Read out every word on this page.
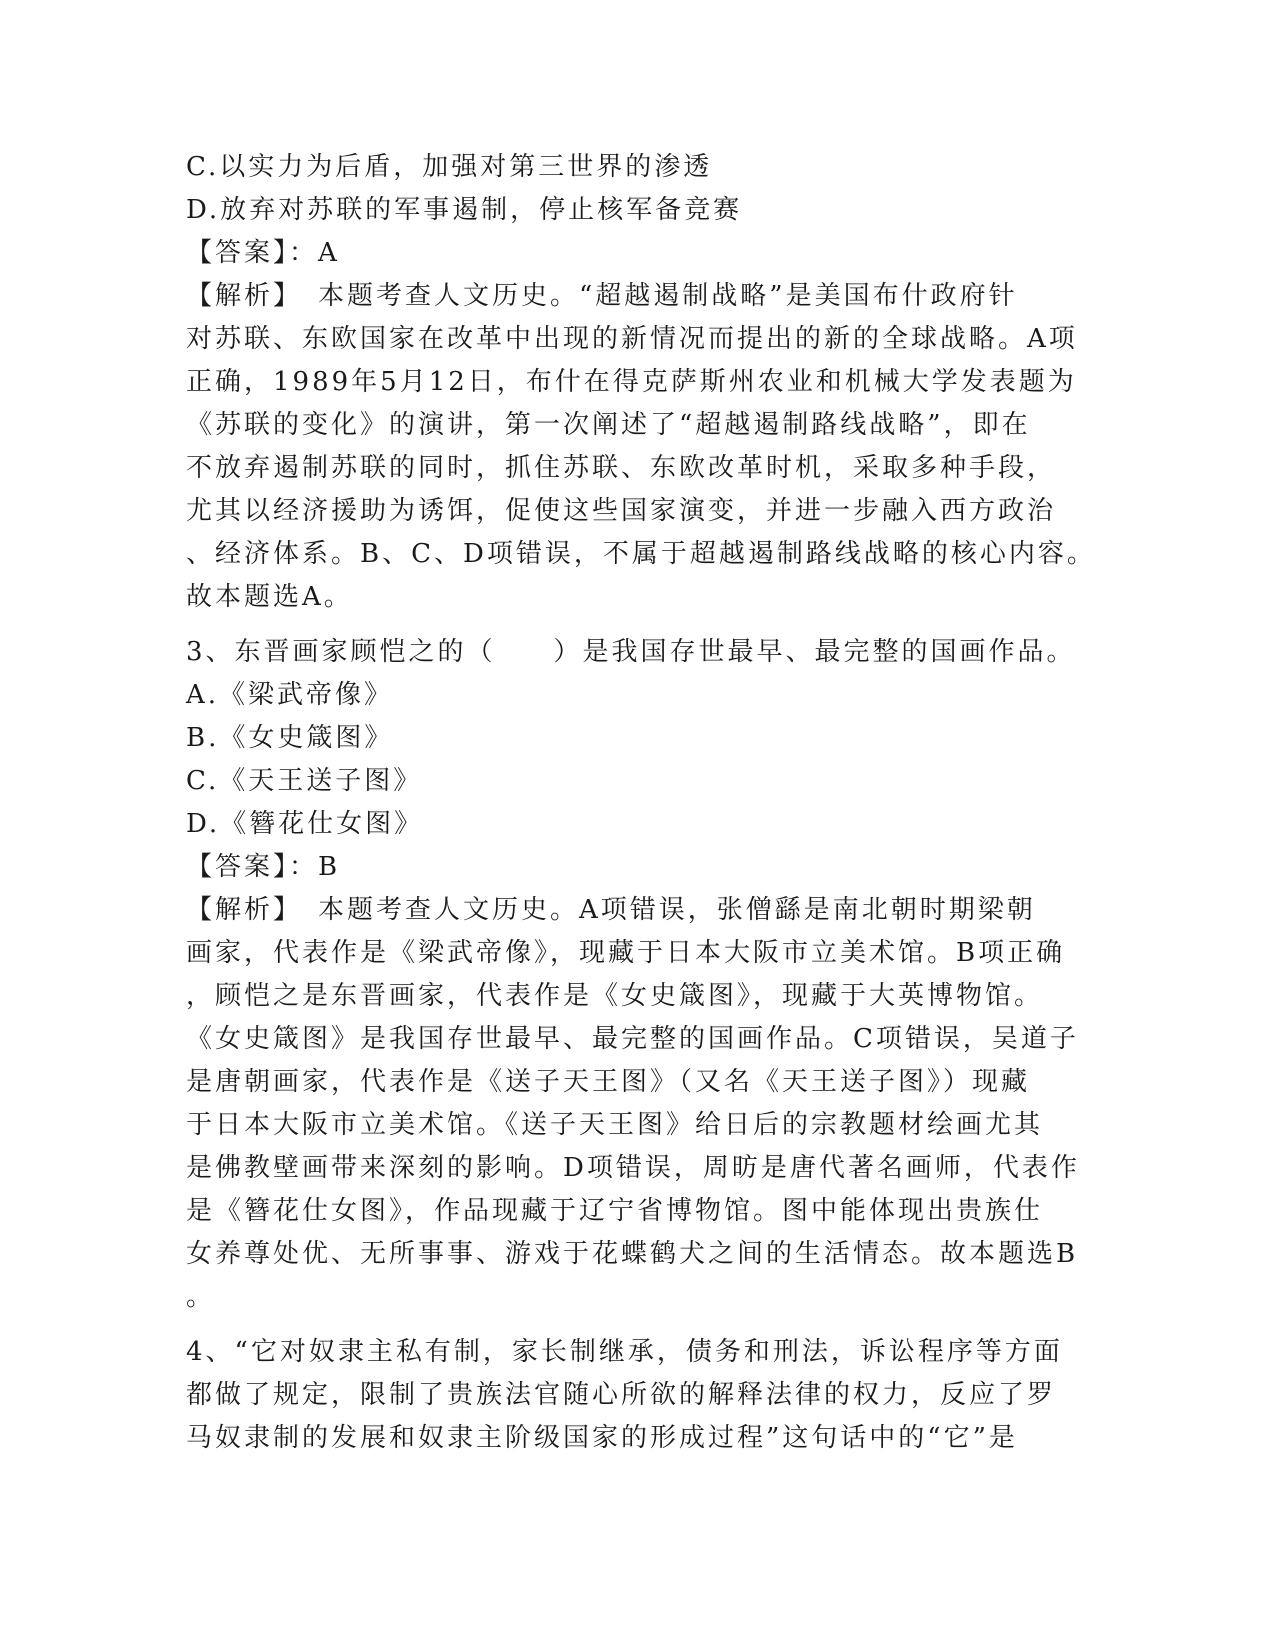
C.以实力为后盾，加强对第三世界的渗透
D.放弃对苏联的军事遏制，停止核军备竞赛
【答案】：A
【解析】　本题考查人文历史。“超越遏制战略”是美国布什政府针
对苏联、东欧国家在改革中出现的新情况而提出的新的全球战略。A项
正确，1989年5月12日，布什在得克萨斯州农业和机械大学发表题为
《苏联的变化》的演讲，第一次阐述了“超越遏制路线战略”，即在
不放弃遏制苏联的同时，抓住苏联、东欧改革时机，采取多种手段，
尤其以经济援助为诱饵，促使这些国家演变，并进一步融入西方政治
、经济体系。B、C、D项错误，不属于超越遏制路线战略的核心内容。
故本题选A。
3、东晋画家顾恺之的（　　）是我国存世最早、最完整的国画作品。
A.《梁武帝像》
B.《女史箴图》
C.《天王送子图》
D.《簪花仕女图》
【答案】：B
【解析】　本题考查人文历史。A项错误，张僧繇是南北朝时期梁朝
画家，代表作是《梁武帝像》，现藏于日本大阪市立美术馆。B项正确
，顾恺之是东晋画家，代表作是《女史箴图》，现藏于大英博物馆。
《女史箴图》是我国存世最早、最完整的国画作品。C项错误，吴道子
是唐朝画家，代表作是《送子天王图》（又名《天王送子图》）现藏
于日本大阪市立美术馆。《送子天王图》给日后的宗教题材绘画尤其
是佛教壁画带来深刻的影响。D项错误，周昉是唐代著名画师，代表作
是《簪花仕女图》，作品现藏于辽宁省博物馆。图中能体现出贵族仕
女养尊处优、无所事事、游戏于花蝶鹤犬之间的生活情态。故本题选B
。
4、“它对奴隶主私有制，家长制继承，债务和刑法，诉讼程序等方面
都做了规定，限制了贵族法官随心所欲的解释法律的权力，反应了罗
马奴隶制的发展和奴隶主阶级国家的形成过程”这句话中的“它”是
